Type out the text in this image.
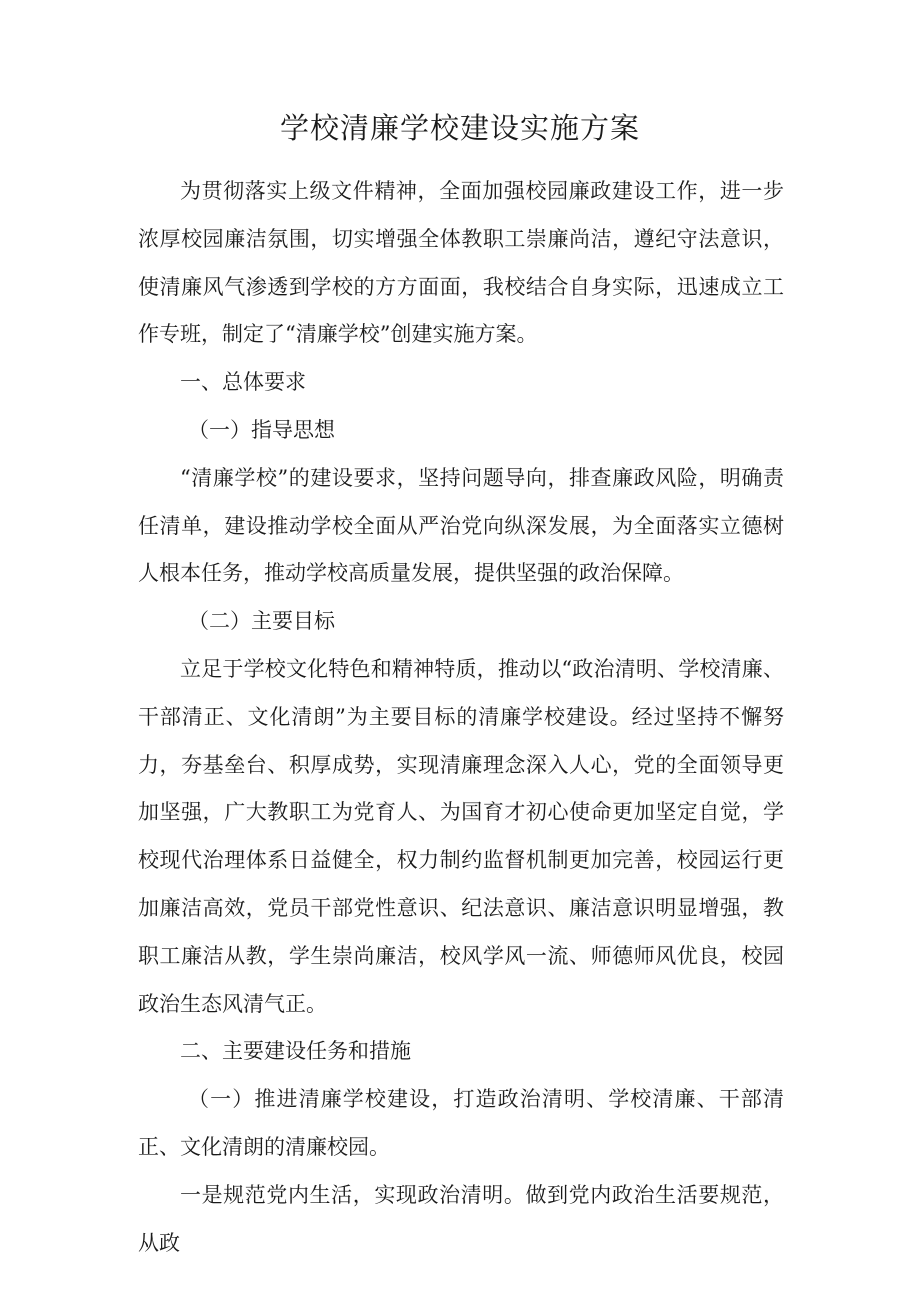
学校清廉学校建设实施方案

为贯彻落实上级文件精神，全面加强校园廉政建设工作，进一步浓厚校园廉洁氛围，切实增强全体教职工崇廉尚洁，遵纪守法意识，使清廉风气渗透到学校的方方面面，我校结合自身实际，迅速成立工作专班，制定了“清廉学校”创建实施方案。

一、总体要求

（一）指导思想

“清廉学校”的建设要求，坚持问题导向，排查廉政风险，明确责任清单，建设推动学校全面从严治党向纵深发展，为全面落实立德树人根本任务，推动学校高质量发展，提供坚强的政治保障。

（二）主要目标

立足于学校文化特色和精神特质，推动以“政治清明、学校清廉、干部清正、文化清朗”为主要目标的清廉学校建设。经过坚持不懈努力，夯基垒台、积厚成势，实现清廉理念深入人心，党的全面领导更加坚强，广大教职工为党育人、为国育才初心使命更加坚定自觉，学校现代治理体系日益健全，权力制约监督机制更加完善，校园运行更加廉洁高效，党员干部党性意识、纪法意识、廉洁意识明显增强，教职工廉洁从教，学生崇尚廉洁，校风学风一流、师德师风优良，校园政治生态风清气正。

二、主要建设任务和措施

（一）推进清廉学校建设，打造政治清明、学校清廉、干部清正、文化清朗的清廉校园。

一是规范党内生活，实现政治清明。做到党内政治生活要规范，从政
